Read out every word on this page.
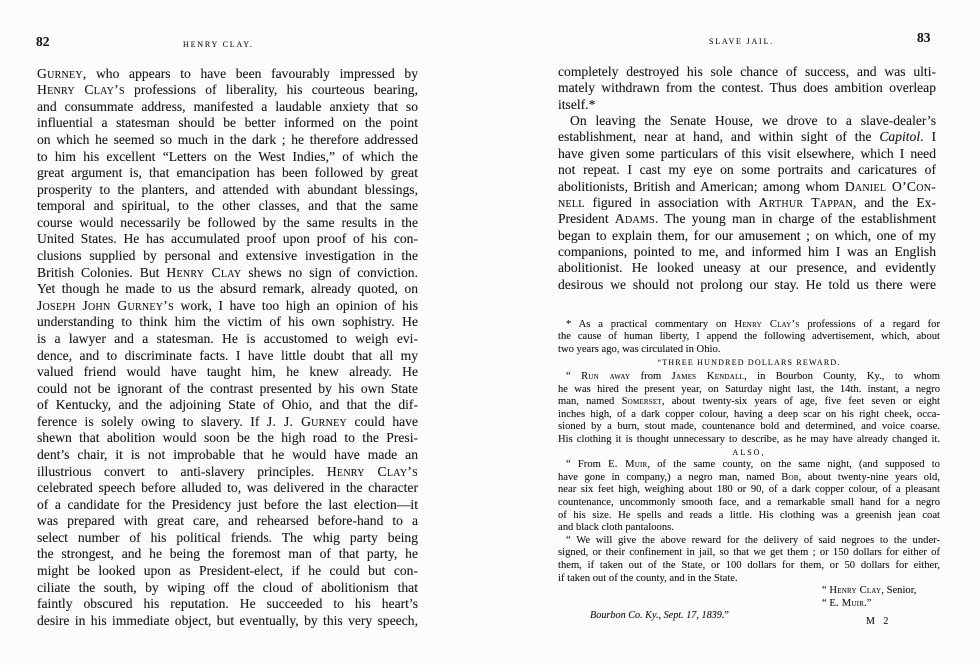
82	HENRY CLAY.
Gurney, who appears to have been favourably impressed by
Henry Clay’s professions of liberality, his courteous bearing,
and consummate address, manifested a laudable anxiety that so
influential a statesman should be better informed on the point
on which he seemed so much in the dark ; he therefore addressed
to him his excellent “Letters on the West Indies,” of which the
great argument is, that emancipation has been followed by great
prosperity to the planters, and attended with abundant blessings,
temporal and spiritual, to the other classes, and that the same
course would necessarily be followed by the same results in the
United States. He has accumulated proof upon proof of his con-
clusions supplied by personal and extensive investigation in the
British Colonies. But Henry Clay shews no sign of conviction.
Yet though he made to us the absurd remark, already quoted, on
Joseph John Gurney’s work, I have too high an opinion of his
understanding to think him the victim of his own sophistry. He
is a lawyer and a statesman. He is accustomed to weigh evi-
dence, and to discriminate facts. I have little doubt that all my
valued friend would have taught him, he knew already. He
could not be ignorant of the contrast presented by his own State
of Kentucky, and the adjoining State of Ohio, and that the dif-
ference is solely owing to slavery. If J. J. Gurney could have
shewn that abolition would soon be the high road to the Presi-
dent’s chair, it is not improbable that he would have made an
illustrious convert to anti-slavery principles. Henry Clay’s
celebrated speech before alluded to, was delivered in the character
of a candidate for the Presidency just before the last election—it
was prepared with great care, and rehearsed before-hand to a
select number of his political friends. The whig party being
the strongest, and he being the foremost man of that party, he
might be looked upon as President-elect, if he could but con-
ciliate the south, by wiping off the cloud of abolitionism that
faintly obscured his reputation. He succeeded to his heart’s
desire in his immediate object, but eventually, by this very speech,
SLAVE JAIL.	83
completely destroyed his sole chance of success, and was ulti-
mately withdrawn from the contest. Thus does ambition overleap
itself.*
On leaving the Senate House, we drove to a slave-dealer’s
establishment, near at hand, and within sight of the Capitol. I
have given some particulars of this visit elsewhere, which I need
not repeat. I cast my eye on some portraits and caricatures of
abolitionists, British and American; among whom Daniel O’Con-
nell figured in association with Arthur Tappan, and the Ex-
President Adams. The young man in charge of the establishment
began to explain them, for our amusement ; on which, one of my
companions, pointed to me, and informed him I was an English
abolitionist. He looked uneasy at our presence, and evidently
desirous we should not prolong our stay. He told us there were
* As a practical commentary on Henry Clay’s professions of a regard for
the cause of human liberty, I append the following advertisement, which, about
two years ago, was circulated in Ohio.
“THREE HUNDRED DOLLARS REWARD.
“ Run away from James Kendall, in Bourbon County, Ky., to whom
he was hired the present year, on Saturday night last, the 14th. instant, a negro
man, named Somerset, about twenty-six years of age, five feet seven or eight
inches high, of a dark copper colour, having a deep scar on his right cheek, occa-
sioned by a burn, stout made, countenance bold and determined, and voice coarse.
His clothing it is thought unnecessary to describe, as he may have already changed it.
ALSO,
“ From E. Muir, of the same county, on the same night, (and supposed to
have gone in company,) a negro man, named Bob, about twenty-nine years old,
near six feet high, weighing about 180 or 90, of a dark copper colour, of a pleasant
countenance, uncommonly smooth face, and a remarkable small hand for a negro
of his size. He spells and reads a little. His clothing was a greenish jean coat
and black cloth pantaloons.
“ We will give the above reward for the delivery of said negroes to the under-
signed, or their confinement in jail, so that we get them ; or 150 dollars for either of
them, if taken out of the State, or 100 dollars for them, or 50 dollars for either,
if taken out of the county, and in the State.
“ Henry Clay, Senior,
“ E. Muir.”
Bourbon Co. Ky., Sept. 17, 1839.”	M 2
